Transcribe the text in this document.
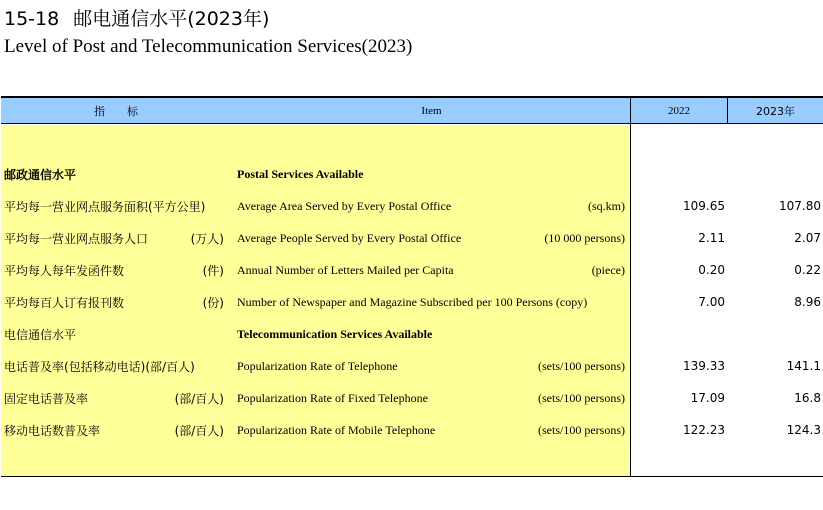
15-18 邮电通信水平(2023年)
Level of Post and Telecommunication Services(2023)
指　　标	Item	2022	2023年
邮政通信水平	Postal Services Available
平均每一营业网点服务面积(平方公里)	Average Area Served by Every Postal Office	(sq.km)	109.65	107.80
平均每一营业网点服务人口	(万人) Average People Served by Every Postal Office	(10 000 persons)	2.11	2.07
平均每人每年发函件数	(件) Annual Number of Letters Mailed per Capita	(piece)	0.20	0.22
平均每百人订有报刊数	(份) Number of Newspaper and Magazine Subscribed per 100 Persons (copy)	7.00	8.96
电信通信水平	Telecommunication Services Available
电话普及率(包括移动电话)(部/百人)	Popularization Rate of Telephone	(sets/100 persons)	139.33	141.1
固定电话普及率	(部/百人) Popularization Rate of Fixed Telephone	(sets/100 persons)	17.09	16.8
移动电话数普及率	(部/百人) Popularization Rate of Mobile Telephone	(sets/100 persons)	122.23	124.3
